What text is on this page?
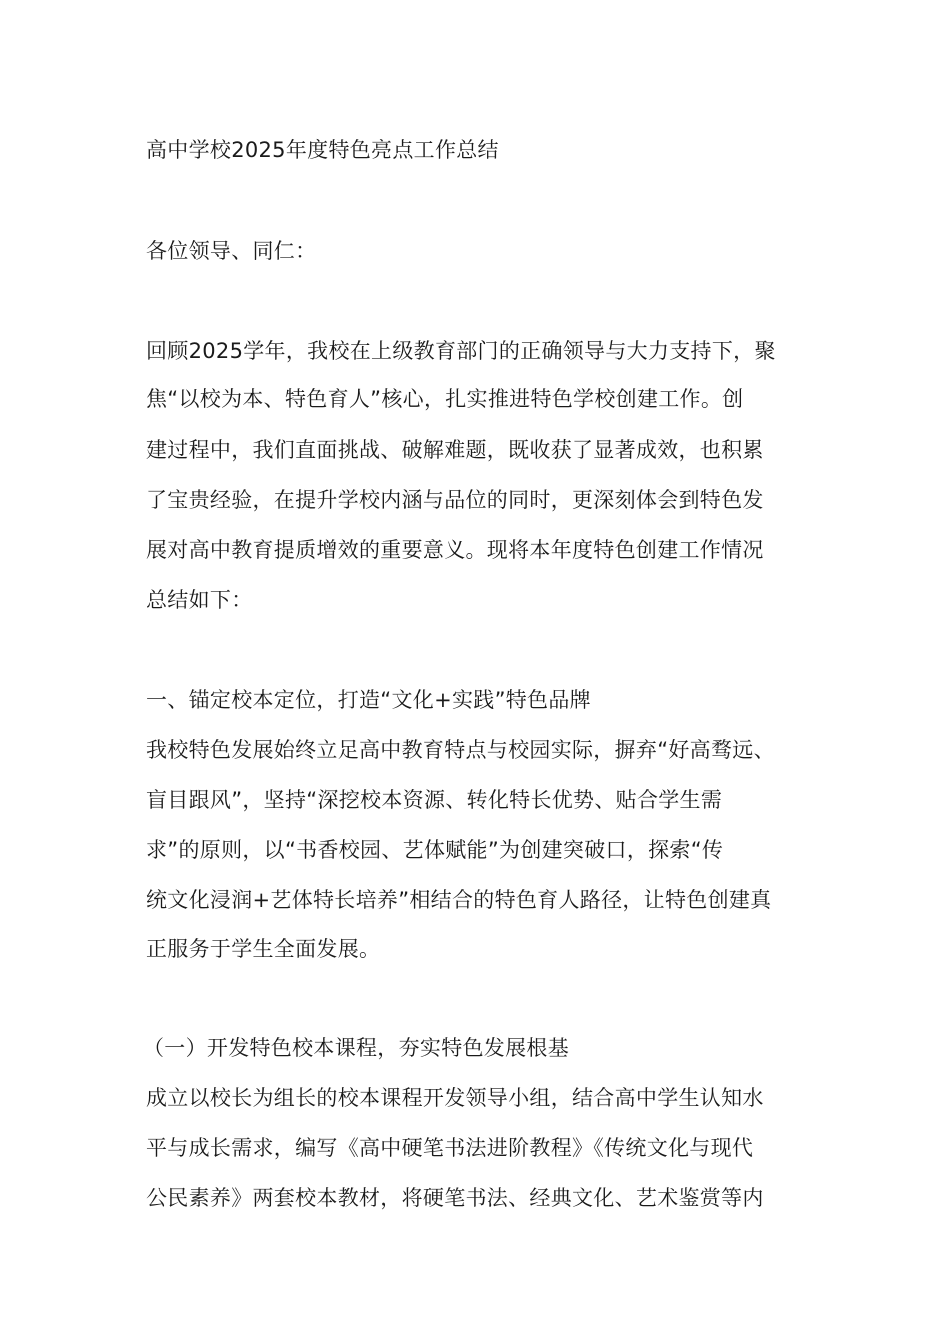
高中学校2025年度特色亮点工作总结
各位领导、同仁：
回顾2025学年，我校在上级教育部门的正确领导与大力支持下，聚
焦“以校为本、特色育人”核心，扎实推进特色学校创建工作。创
建过程中，我们直面挑战、破解难题，既收获了显著成效，也积累
了宝贵经验，在提升学校内涵与品位的同时，更深刻体会到特色发
展对高中教育提质增效的重要意义。现将本年度特色创建工作情况
总结如下：
一、锚定校本定位，打造“文化+实践”特色品牌
我校特色发展始终立足高中教育特点与校园实际，摒弃“好高骛远、
盲目跟风”，坚持“深挖校本资源、转化特长优势、贴合学生需
求”的原则，以“书香校园、艺体赋能”为创建突破口，探索“传
统文化浸润+艺体特长培养”相结合的特色育人路径，让特色创建真
正服务于学生全面发展。
（一）开发特色校本课程，夯实特色发展根基
成立以校长为组长的校本课程开发领导小组，结合高中学生认知水
平与成长需求，编写《高中硬笔书法进阶教程》《传统文化与现代
公民素养》两套校本教材，将硬笔书法、经典文化、艺术鉴赏等内
